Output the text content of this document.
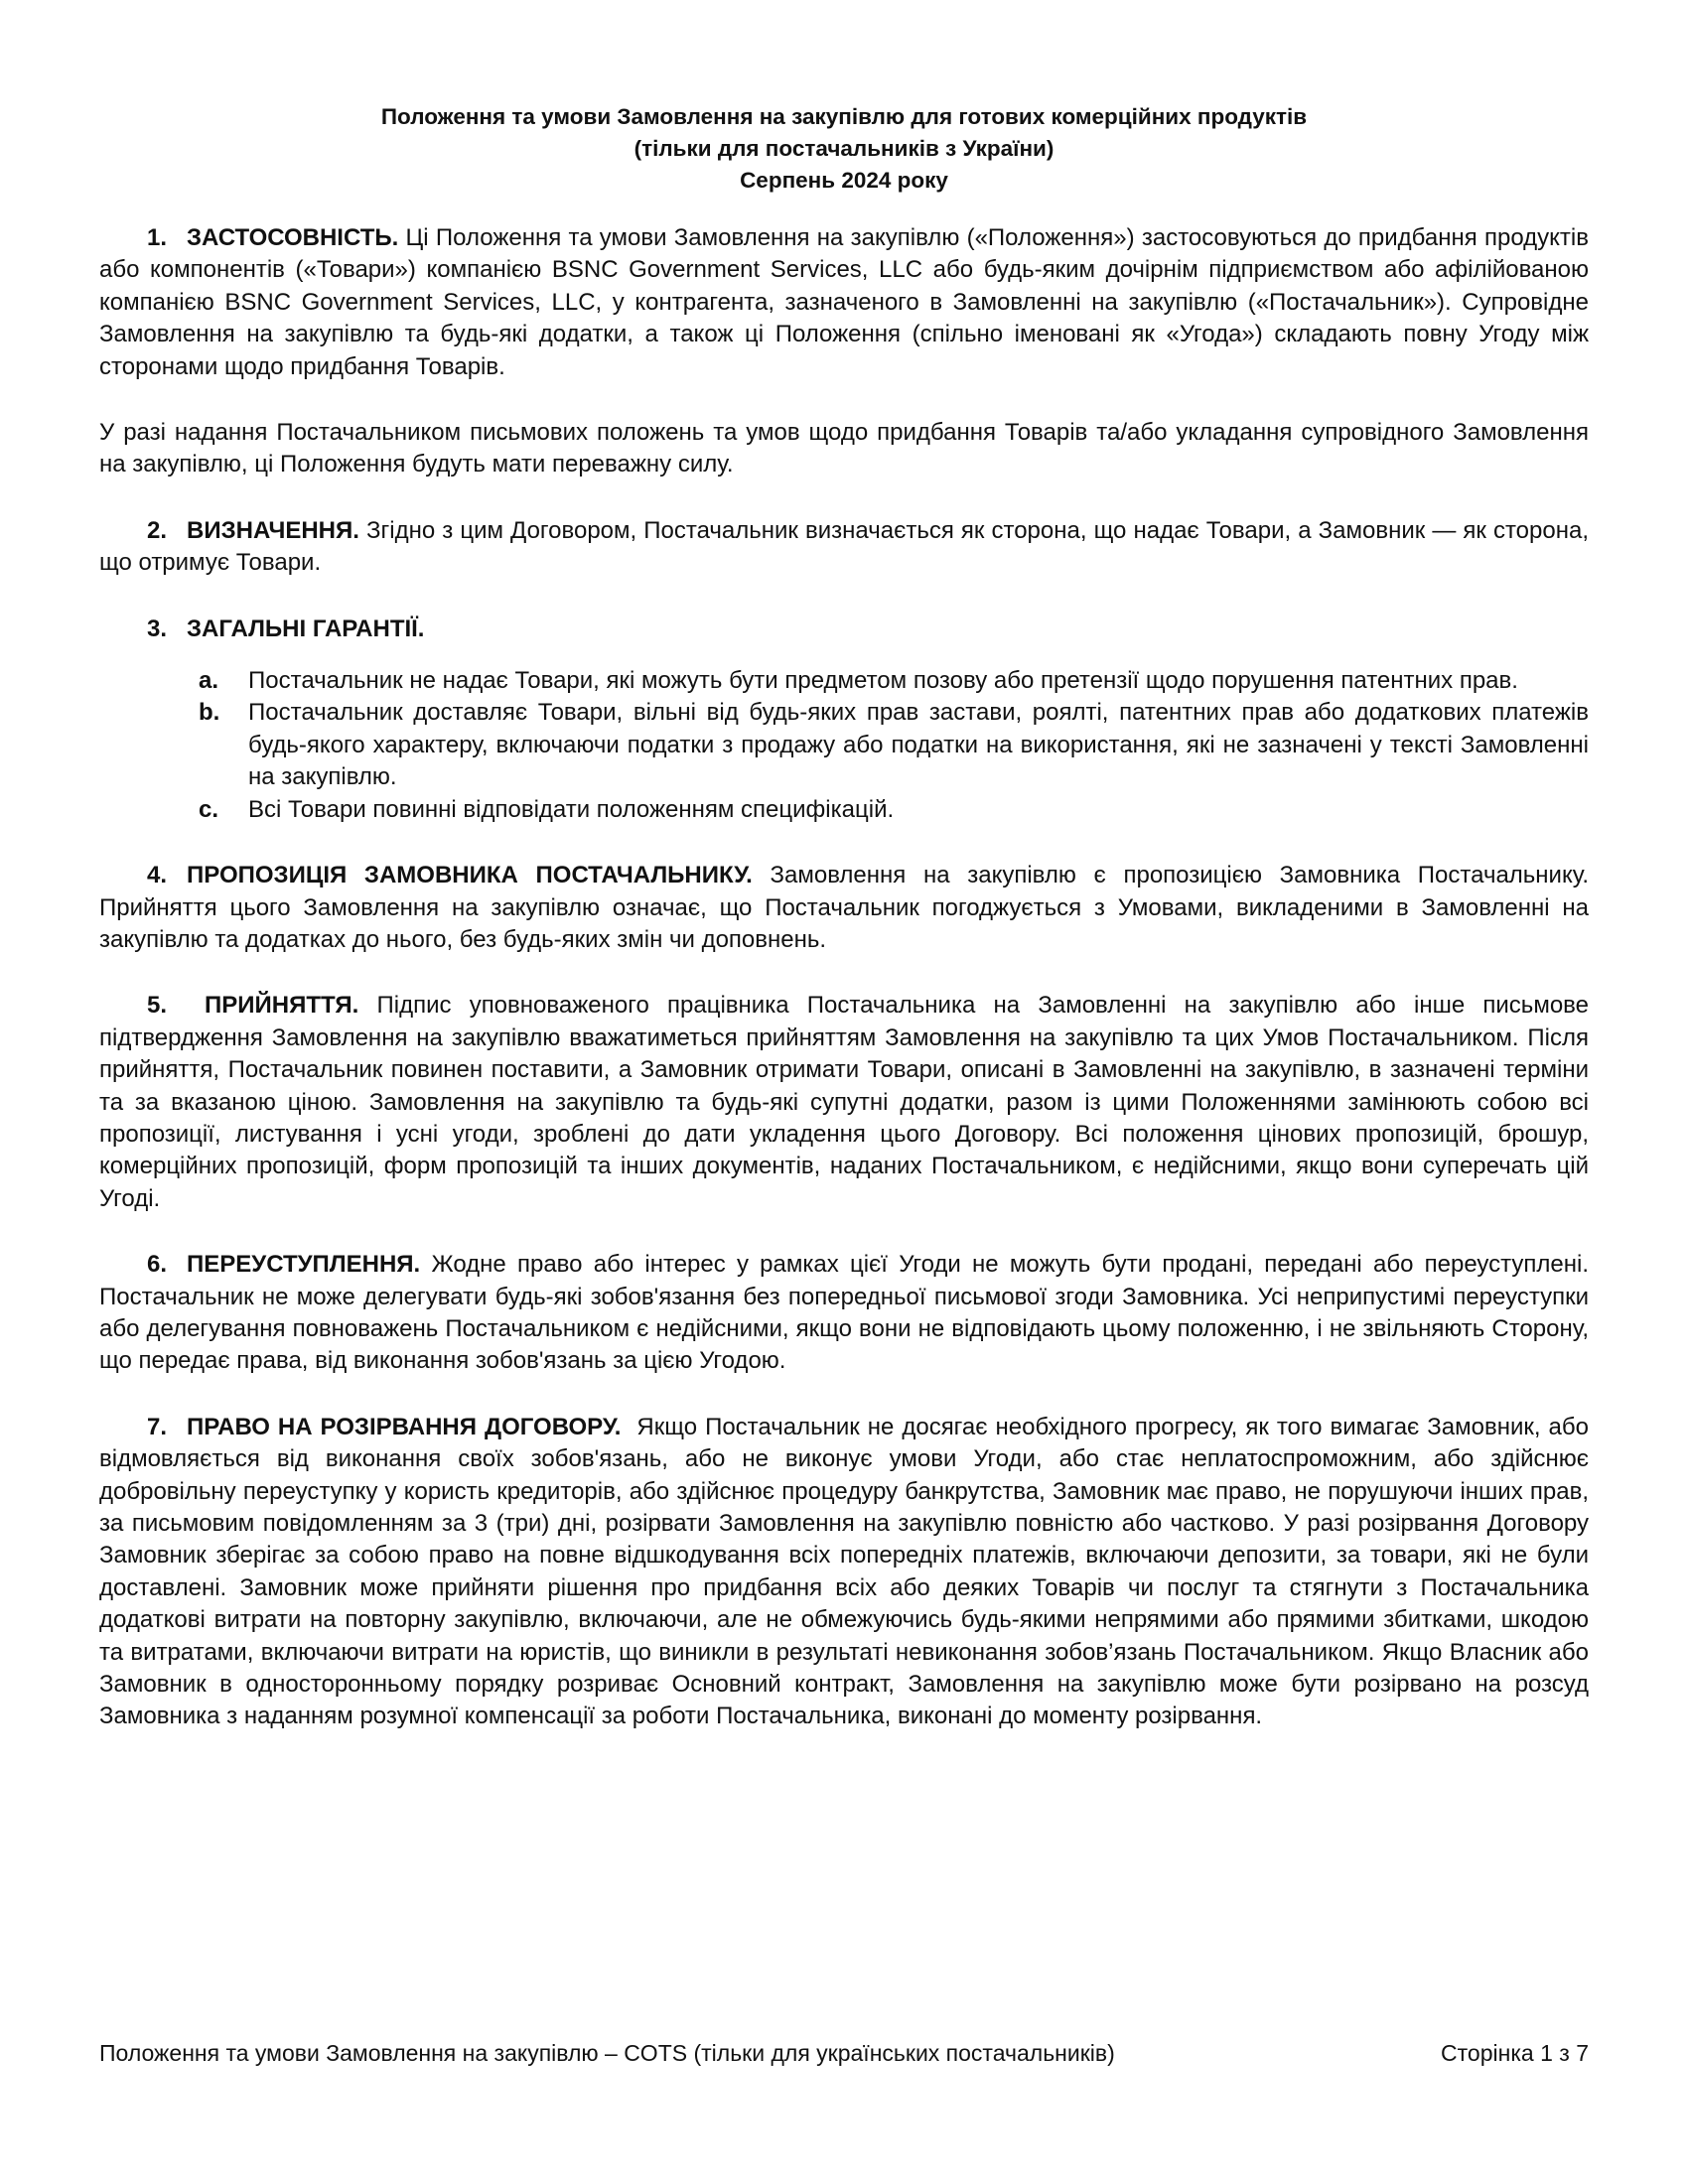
Положення та умови Замовлення на закупівлю для готових комерційних продуктів
(тільки для постачальників з України)
Серпень 2024 року

1. ЗАСТОСОВНІСТЬ. Ці Положення та умови Замовлення на закупівлю («Положення») застосовуються до придбання продуктів або компонентів («Товари») компанією BSNC Government Services, LLC або будь-яким дочірнім підприємством або афілійованою компанією BSNC Government Services, LLC, у контрагента, зазначеного в Замовленні на закупівлю («Постачальник»). Супровідне Замовлення на закупівлю та будь-які додатки, а також ці Положення (спільно іменовані як «Угода») складають повну Угоду між сторонами щодо придбання Товарів.

У разі надання Постачальником письмових положень та умов щодо придбання Товарів та/або укладання супровідного Замовлення на закупівлю, ці Положення будуть мати переважну силу.

2. ВИЗНАЧЕННЯ. Згідно з цим Договором, Постачальник визначається як сторона, що надає Товари, а Замовник — як сторона, що отримує Товари.

3. ЗАГАЛЬНІ ГАРАНТІЇ.

a. Постачальник не надає Товари, які можуть бути предметом позову або претензії щодо порушення патентних прав.
b. Постачальник доставляє Товари, вільні від будь-яких прав застави, роялті, патентних прав або додаткових платежів будь-якого характеру, включаючи податки з продажу або податки на використання, які не зазначені у тексті Замовленні на закупівлю.
c. Всі Товари повинні відповідати положенням специфікацій.

4. ПРОПОЗИЦІЯ ЗАМОВНИКА ПОСТАЧАЛЬНИКУ. Замовлення на закупівлю є пропозицією Замовника Постачальнику. Прийняття цього Замовлення на закупівлю означає, що Постачальник погоджується з Умовами, викладеними в Замовленні на закупівлю та додатках до нього, без будь-яких змін чи доповнень.

5. ПРИЙНЯТТЯ. Підпис уповноваженого працівника Постачальника на Замовленні на закупівлю або інше письмове підтвердження Замовлення на закупівлю вважатиметься прийняттям Замовлення на закупівлю та цих Умов Постачальником. Після прийняття, Постачальник повинен поставити, а Замовник отримати Товари, описані в Замовленні на закупівлю, в зазначені терміни та за вказаною ціною. Замовлення на закупівлю та будь-які супутні додатки, разом із цими Положеннями замінюють собою всі пропозиції, листування і усні угоди, зроблені до дати укладення цього Договору. Всі положення цінових пропозицій, брошур, комерційних пропозицій, форм пропозицій та інших документів, наданих Постачальником, є недійсними, якщо вони суперечать цій Угоді.

6. ПЕРЕУСТУПЛЕННЯ. Жодне право або інтерес у рамках цієї Угоди не можуть бути продані, передані або переуступлені. Постачальник не може делегувати будь-які зобов'язання без попередньої письмової згоди Замовника. Усі неприпустимі переуступки або делегування повноважень Постачальником є недійсними, якщо вони не відповідають цьому положенню, і не звільняють Сторону, що передає права, від виконання зобов'язань за цією Угодою.

7. ПРАВО НА РОЗІРВАННЯ ДОГОВОРУ. Якщо Постачальник не досягає необхідного прогресу, як того вимагає Замовник, або відмовляється від виконання своїх зобов'язань, або не виконує умови Угоди, або стає неплатоспроможним, або здійснює добровільну переуступку у користь кредиторів, або здійснює процедуру банкрутства, Замовник має право, не порушуючи інших прав, за письмовим повідомленням за 3 (три) дні, розірвати Замовлення на закупівлю повністю або частково. У разі розірвання Договору Замовник зберігає за собою право на повне відшкодування всіх попередніх платежів, включаючи депозити, за товари, які не були доставлені. Замовник може прийняти рішення про придбання всіх або деяких Товарів чи послуг та стягнути з Постачальника додаткові витрати на повторну закупівлю, включаючи, але не обмежуючись будь-якими непрямими або прямими збитками, шкодою та витратами, включаючи витрати на юристів, що виникли в результаті невиконання зобов’язань Постачальником. Якщо Власник або Замовник в односторонньому порядку розриває Основний контракт, Замовлення на закупівлю може бути розірвано на розсуд Замовника з наданням розумної компенсації за роботи Постачальника, виконані до моменту розірвання.

Положення та умови Замовлення на закупівлю – COTS (тільки для українських постачальників)	Сторінка 1 з 7
